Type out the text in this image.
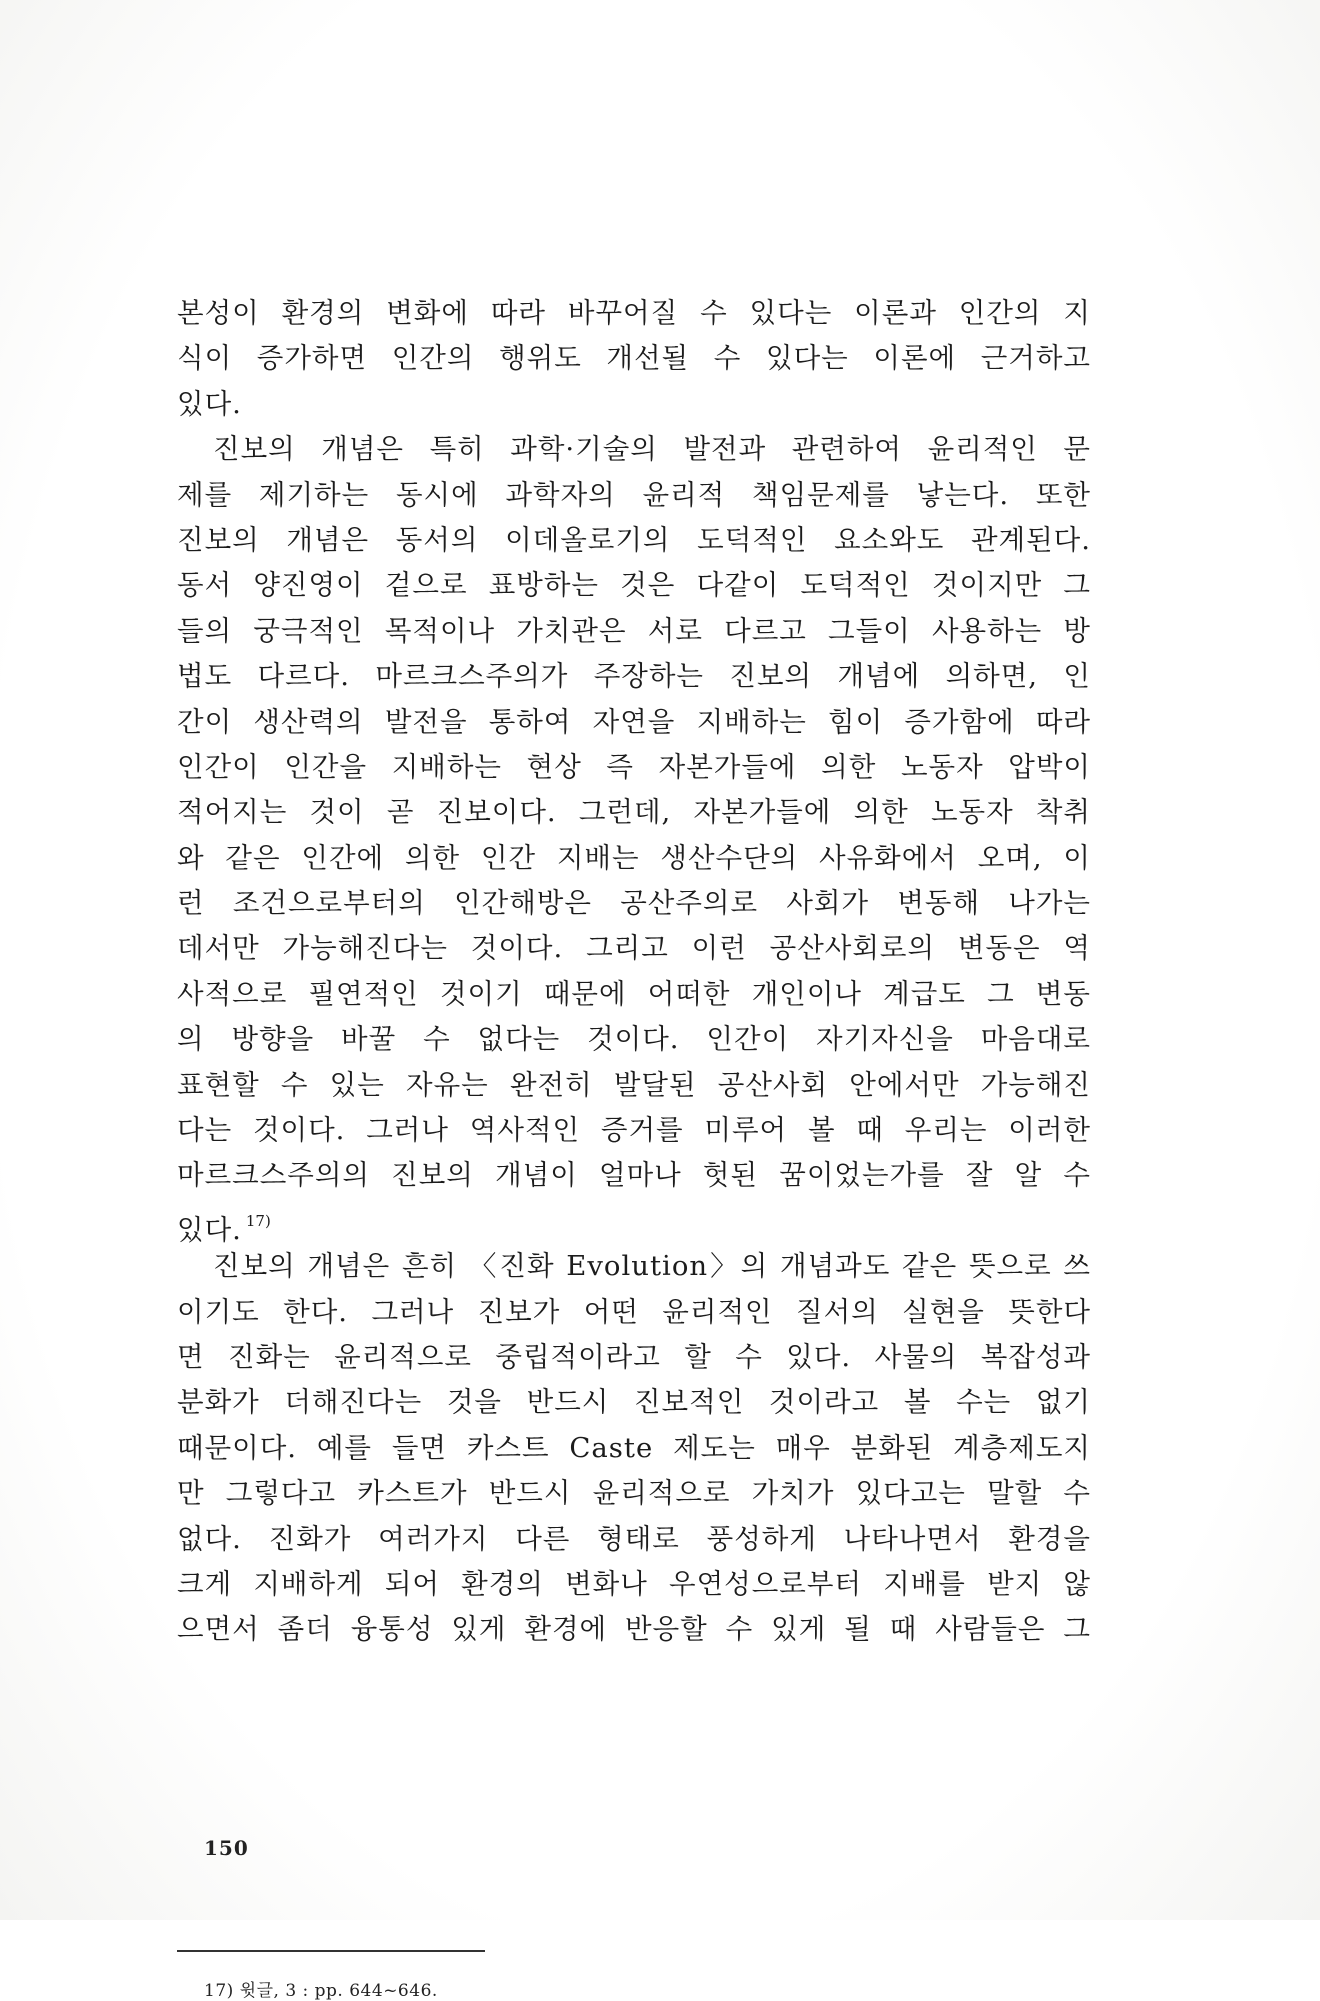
본성이 환경의 변화에 따라 바꾸어질 수 있다는 이론과 인간의 지
식이 증가하면 인간의 행위도 개선될 수 있다는 이론에 근거하고
있다.
진보의 개념은 특히 과학·기술의 발전과 관련하여 윤리적인 문
제를 제기하는 동시에 과학자의 윤리적 책임문제를 낳는다. 또한
진보의 개념은 동서의 이데올로기의 도덕적인 요소와도 관계된다.
동서 양진영이 겉으로 표방하는 것은 다같이 도덕적인 것이지만 그
들의 궁극적인 목적이나 가치관은 서로 다르고 그들이 사용하는 방
법도 다르다. 마르크스주의가 주장하는 진보의 개념에 의하면, 인
간이 생산력의 발전을 통하여 자연을 지배하는 힘이 증가함에 따라
인간이 인간을 지배하는 현상 즉 자본가들에 의한 노동자 압박이
적어지는 것이 곧 진보이다. 그런데, 자본가들에 의한 노동자 착취
와 같은 인간에 의한 인간 지배는 생산수단의 사유화에서 오며, 이
런 조건으로부터의 인간해방은 공산주의로 사회가 변동해 나가는
데서만 가능해진다는 것이다. 그리고 이런 공산사회로의 변동은 역
사적으로 필연적인 것이기 때문에 어떠한 개인이나 계급도 그 변동
의 방향을 바꿀 수 없다는 것이다. 인간이 자기자신을 마음대로
표현할 수 있는 자유는 완전히 발달된 공산사회 안에서만 가능해진
다는 것이다. 그러나 역사적인 증거를 미루어 볼 때 우리는 이러한
마르크스주의의 진보의 개념이 얼마나 헛된 꿈이었는가를 잘 알 수
있다. $^{17)}$
진보의 개념은 흔히 〈진화 Evolution〉의 개념과도 같은 뜻으로 쓰
이기도 한다. 그러나 진보가 어떤 윤리적인 질서의 실현을 뜻한다
면 진화는 윤리적으로 중립적이라고 할 수 있다. 사물의 복잡성과
분화가 더해진다는 것을 반드시 진보적인 것이라고 볼 수는 없기
때문이다. 예를 들면 카스트 Caste 제도는 매우 분화된 계층제도지
만 그렇다고 카스트가 반드시 윤리적으로 가치가 있다고는 말할 수
없다. 진화가 여러가지 다른 형태로 풍성하게 나타나면서 환경을
크게 지배하게 되어 환경의 변화나 우연성으로부터 지배를 받지 않
으면서 좀더 융통성 있게 환경에 반응할 수 있게 될 때 사람들은 그
17) 윗글, 3 : pp. 644~646.
150
